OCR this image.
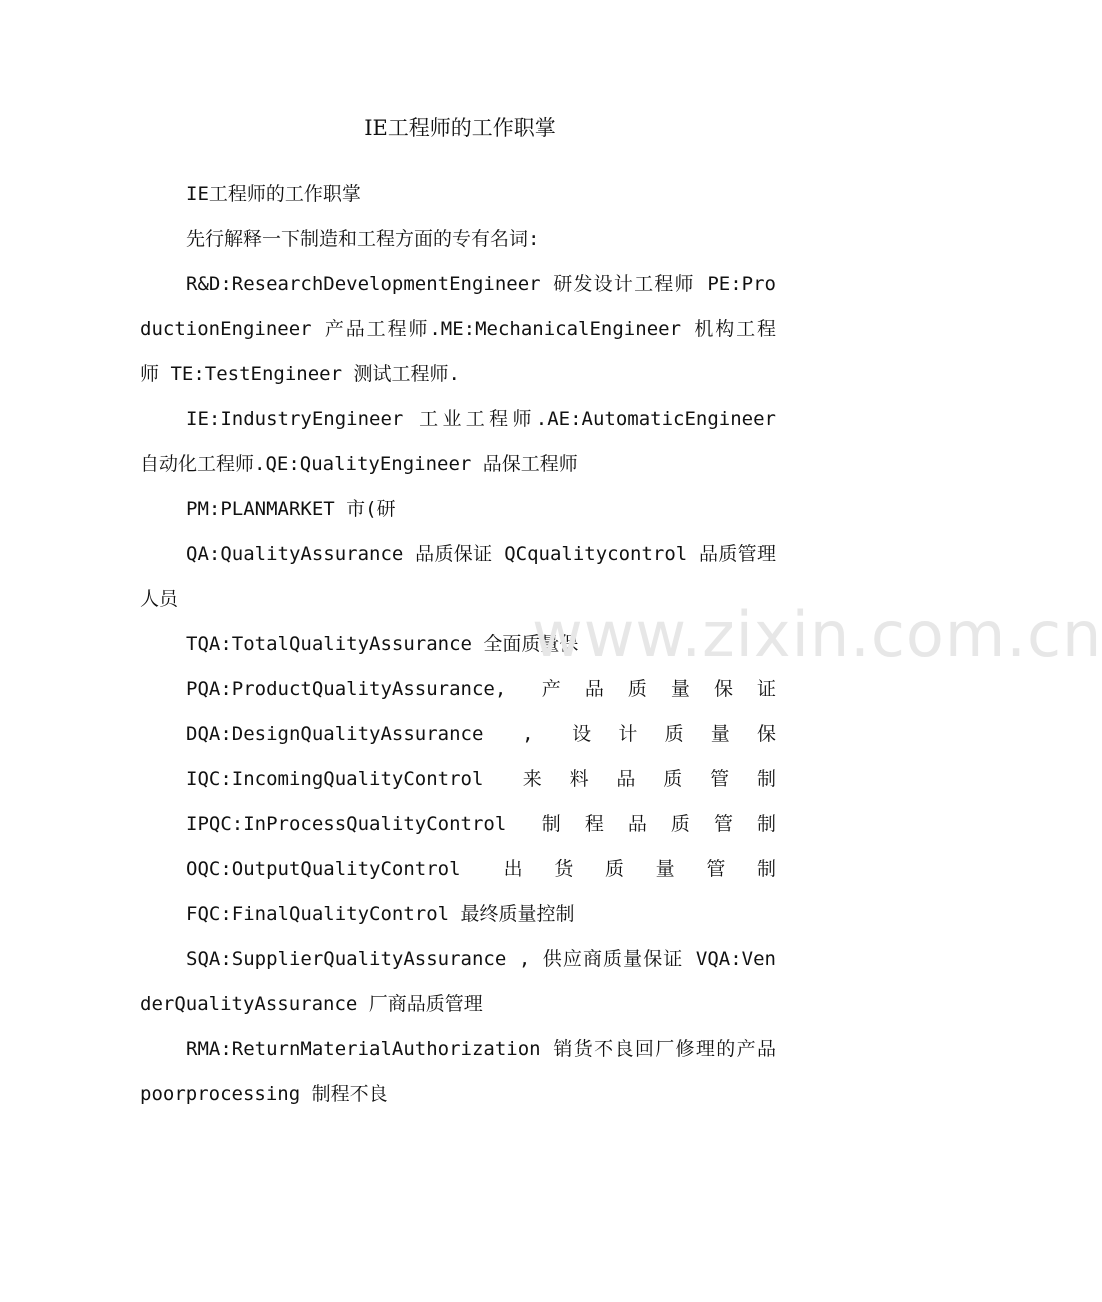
IE工程师的工作职掌

IE工程师的工作职掌

先行解释一下制造和工程方面的专有名词:

R&D:ResearchDevelopmentEngineer 研发设计工程师 PE:ProductionEngineer 产品工程师.ME:MechanicalEngineer 机构工程师 TE:TestEngineer 测试工程师.

IE:IndustryEngineer 工业工程师.AE:AutomaticEngineer 自动化工程师.QE:QualityEngineer 品保工程师

PM:PLANMARKET 市(研

QA:QualityAssurance 品质保证 QCqualitycontrol 品质管理人员

TQA:TotalQualityAssurance 全面质量保

PQA:ProductQualityAssurance, 产品质量保证

DQA:DesignQualityAssurance , 设计质量保

IQC:IncomingQualityControl 来料品质管制

IPQC:InProcessQualityControl 制程品质管制

OQC:OutputQualityControl 出货质量管制

FQC:FinalQualityControl 最终质量控制

SQA:SupplierQualityAssurance , 供应商质量保证 VQA:VenderQualityAssurance 厂商品质管理

RMA:ReturnMaterialAuthorization 销货不良回厂修理的产品 poorprocessing 制程不良

www.zixin.com.cn
